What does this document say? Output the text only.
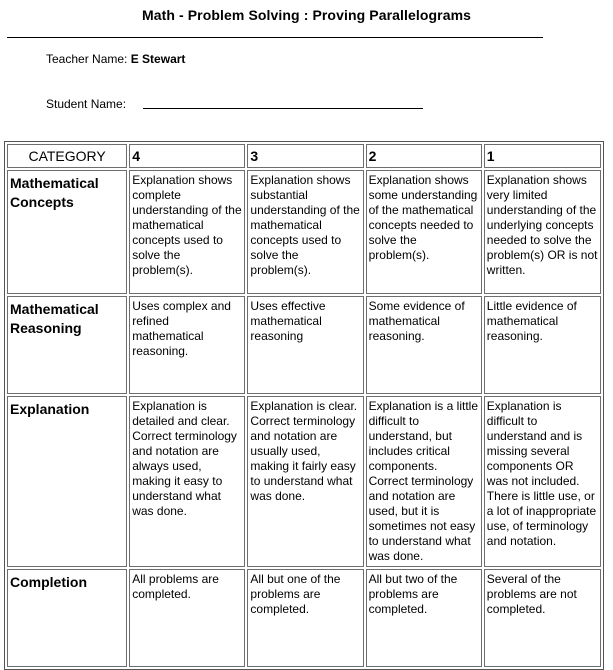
Math - Problem Solving : Proving Parallelograms
Teacher Name: E Stewart
Student Name:
CATEGORY	4	3	2	1
Mathematical Concepts	Explanation shows complete understanding of the mathematical concepts used to solve the problem(s).	Explanation shows substantial understanding of the mathematical concepts used to solve the problem(s).	Explanation shows some understanding of the mathematical concepts needed to solve the problem(s).	Explanation shows very limited understanding of the underlying concepts needed to solve the problem(s) OR is not written.
Mathematical Reasoning	Uses complex and refined mathematical reasoning.	Uses effective mathematical reasoning	Some evidence of mathematical reasoning.	Little evidence of mathematical reasoning.
Explanation	Explanation is detailed and clear. Correct terminology and notation are always used, making it easy to understand what was done.	Explanation is clear. Correct terminology and notation are usually used, making it fairly easy to understand what was done.	Explanation is a little difficult to understand, but includes critical components. Correct terminology and notation are used, but it is sometimes not easy to understand what was done.	Explanation is difficult to understand and is missing several components OR was not included. There is little use, or a lot of inappropriate use, of terminology and notation.
Completion	All problems are completed.	All but one of the problems are completed.	All but two of the problems are completed.	Several of the problems are not completed.
